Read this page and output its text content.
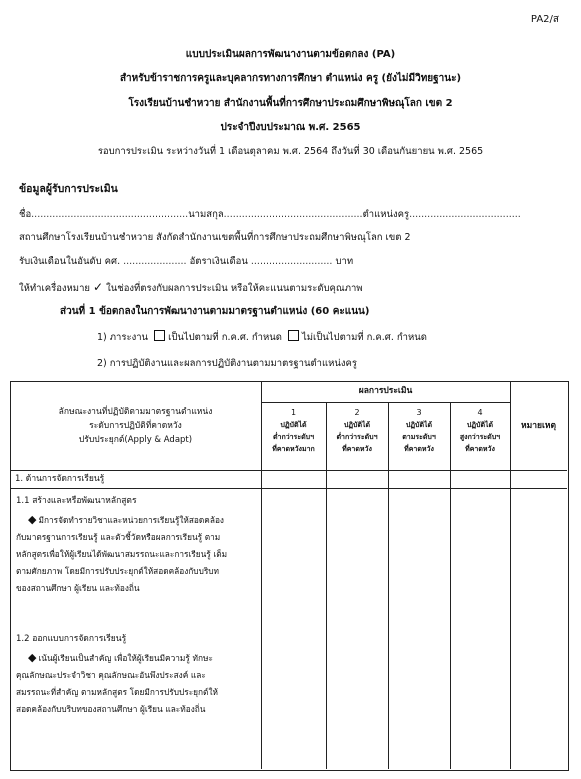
PA2/ส
แบบประเมินผลการพัฒนางานตามข้อตกลง (PA)
สำหรับข้าราชการครูและบุคลากรทางการศึกษา ตำแหน่ง ครู (ยังไม่มีวิทยฐานะ)
โรงเรียนบ้านชำหวาย สำนักงานพื้นที่การศึกษาประถมศึกษาพิษณุโลก เขต 2
ประจำปีงบประมาณ พ.ศ. 2565
รอบการประเมิน ระหว่างวันที่ 1 เดือนตุลาคม พ.ศ. 2564 ถึงวันที่ 30 เดือนกันยายน พ.ศ. 2565
ข้อมูลผู้รับการประเมิน
ชื่อ....................................................นามสกุล..............................................ตำแหน่งครู.....................................
สถานศึกษาโรงเรียนบ้านชำหวาย สังกัดสำนักงานเขตพื้นที่การศึกษาประถมศึกษาพิษณุโลก เขต 2
รับเงินเดือนในอันดับ คศ. ..................... อัตราเงินเดือน ........................... บาท
ให้ทำเครื่องหมาย ✓ ในช่องที่ตรงกับผลการประเมิน หรือให้คะแนนตามระดับคุณภาพ
ส่วนที่ 1 ข้อตกลงในการพัฒนางานตามมาตรฐานตำแหน่ง (60 คะแนน)
1) ภาระงาน เป็นไปตามที่ ก.ค.ศ. กำหนด ไม่เป็นไปตามที่ ก.ค.ศ. กำหนด
2) การปฏิบัติงานและผลการปฏิบัติงานตามมาตรฐานตำแหน่งครู
ลักษณะงานที่ปฏิบัติตามมาตรฐานตำแหน่ง
ระดับการปฏิบัติที่คาดหวัง
ปรับประยุกต์(Apply & Adapt)
ผลการประเมิน
หมายเหตุ
1
ปฏิบัติได้
ต่ำกว่าระดับฯ
ที่คาดหวังมาก
2
ปฏิบัติได้
ต่ำกว่าระดับฯ
ที่คาดหวัง
3
ปฏิบัติได้
ตามระดับฯ
ที่คาดหวัง
4
ปฏิบัติได้
สูงกว่าระดับฯ
ที่คาดหวัง
1. ด้านการจัดการเรียนรู้
1.1 สร้างและหรือพัฒนาหลักสูตร
◆ มีการจัดทำรายวิชาและหน่วยการเรียนรู้ให้สอดคล้อง
กับมาตรฐานการเรียนรู้ และตัวชี้วัดหรือผลการเรียนรู้ ตาม
หลักสูตรเพื่อให้ผู้เรียนได้พัฒนาสมรรถนะและการเรียนรู้ เต็ม
ตามศักยภาพ โดยมีการปรับประยุกต์ให้สอดคล้องกับบริบท
ของสถานศึกษา ผู้เรียน และท้องถิ่น
1.2 ออกแบบการจัดการเรียนรู้
◆ เน้นผู้เรียนเป็นสำคัญ เพื่อให้ผู้เรียนมีความรู้ ทักษะ
คุณลักษณะประจำวิชา คุณลักษณะอันพึงประสงค์ และ
สมรรถนะที่สำคัญ ตามหลักสูตร โดยมีการปรับประยุกต์ให้
สอดคล้องกับบริบทของสถานศึกษา ผู้เรียน และท้องถิ่น
